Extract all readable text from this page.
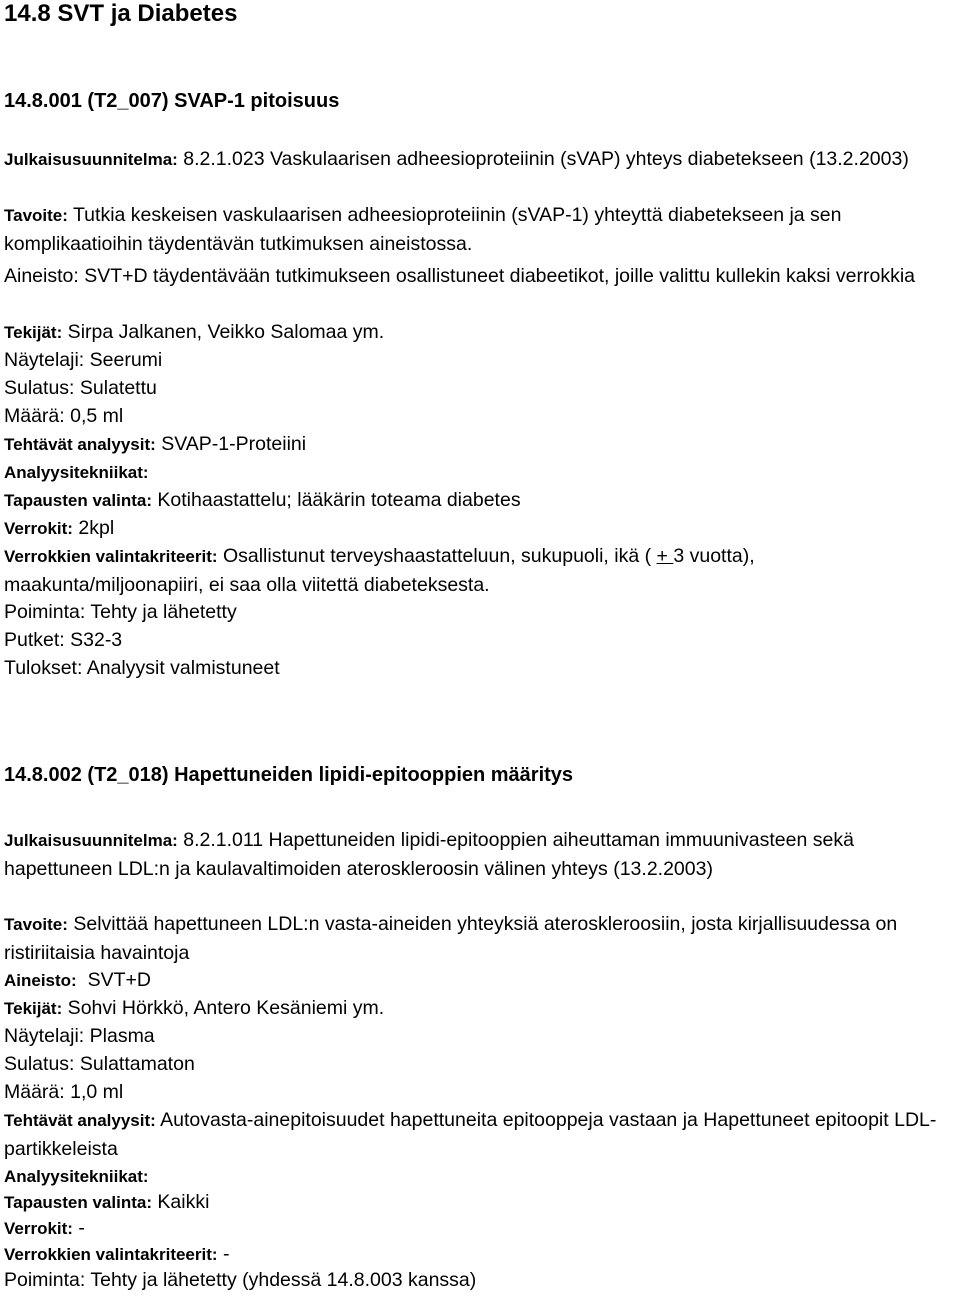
14.8 SVT ja Diabetes
14.8.001 (T2_007) SVAP-1 pitoisuus
Julkaisusuunnitelma: 8.2.1.023 Vaskulaarisen adheesioproteiinin (sVAP) yhteys diabetekseen (13.2.2003)
Tavoite: Tutkia keskeisen vaskulaarisen adheesioproteiinin (sVAP-1) yhteyttä diabetekseen ja sen komplikaatioihin täydentävän tutkimuksen aineistossa.
Aineisto: SVT+D täydentävään tutkimukseen osallistuneet diabeetikot, joille valittu kullekin kaksi verrokkia
Tekijät: Sirpa Jalkanen, Veikko Salomaa ym.
Näytelaji: Seerumi
Sulatus: Sulatettu
Määrä: 0,5 ml
Tehtävät analyysit: SVAP-1-Proteiini
Analyysitekniikat:
Tapausten valinta: Kotihaastattelu; lääkärin toteama diabetes
Verrokit: 2kpl
Verrokkien valintakriteerit: Osallistunut terveyshaastatteluun, sukupuoli, ikä ( + 3 vuotta), maakunta/miljoonapiiri, ei saa olla viitettä diabeteksesta.
Poiminta: Tehty ja lähetetty
Putket: S32-3
Tulokset: Analyysit valmistuneet
14.8.002 (T2_018) Hapettuneiden lipidi-epitooppien määritys
Julkaisusuunnitelma: 8.2.1.011 Hapettuneiden lipidi-epitooppien aiheuttaman immuunivasteen sekä hapettuneen LDL:n ja kaulavaltimoiden ateroskleroosin välinen yhteys (13.2.2003)
Tavoite: Selvittää hapettuneen LDL:n vasta-aineiden yhteyksiä ateroskleroosiin, josta kirjallisuudessa on ristiriitaisia havaintoja
Aineisto:  SVT+D
Tekijät: Sohvi Hörkkö, Antero Kesäniemi ym.
Näytelaji: Plasma
Sulatus: Sulattamaton
Määrä: 1,0 ml
Tehtävät analyysit: Autovasta-ainepitoisuudet hapettuneita epitooppeja vastaan ja Hapettuneet epitoopit LDL-partikkeleista
Analyysitekniikat:
Tapausten valinta: Kaikki
Verrokit: -
Verrokkien valintakriteerit: -
Poiminta: Tehty ja lähetetty (yhdessä 14.8.003 kanssa)
